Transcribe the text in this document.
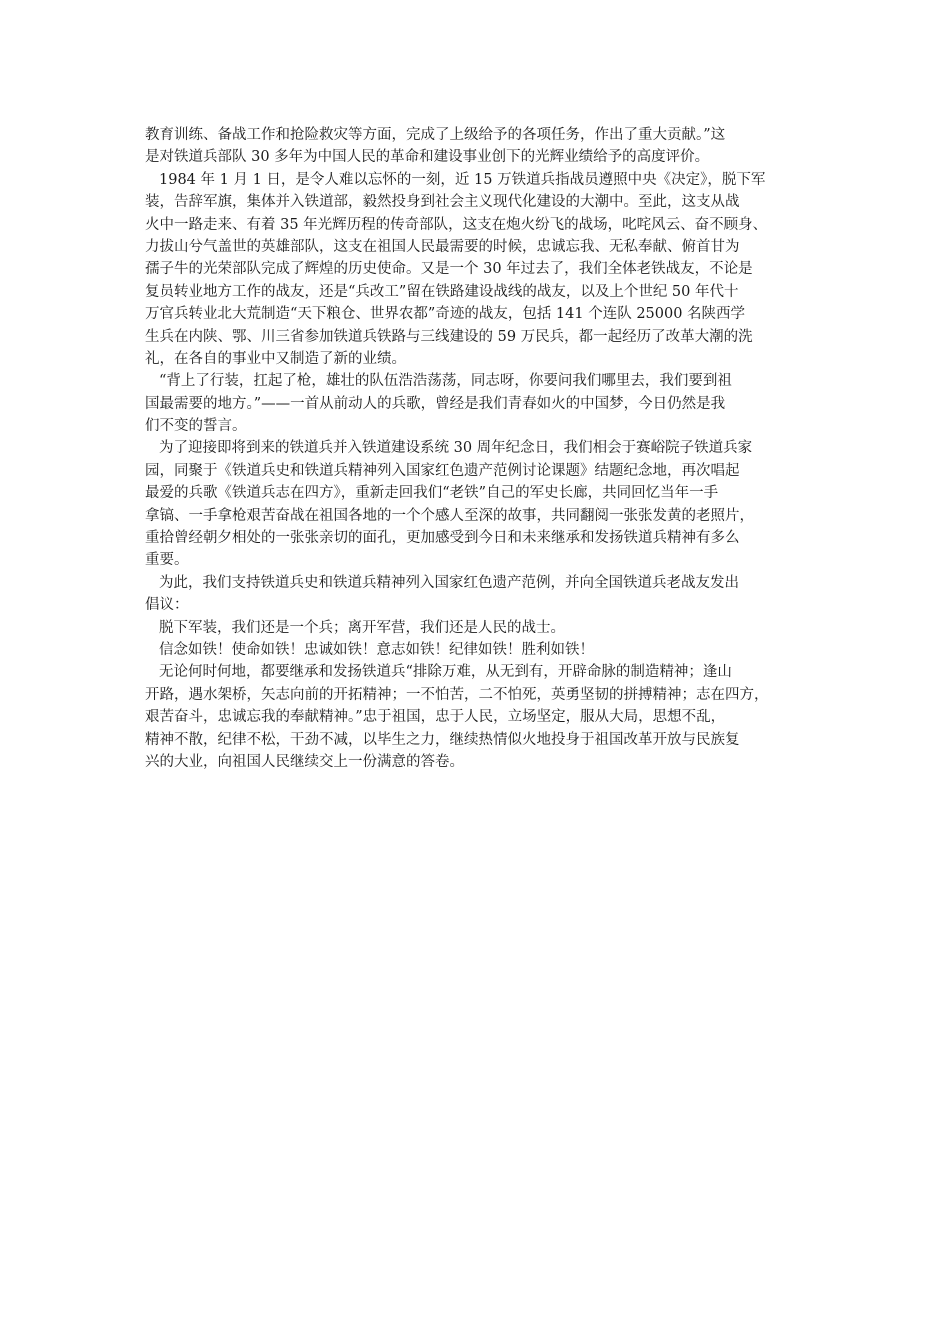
教育训练、备战工作和抢险救灾等方面，完成了上级给予的各项任务，作出了重大贡献。”这
是对铁道兵部队 30 多年为中国人民的革命和建设事业创下的光辉业绩给予的高度评价。
1984 年 1 月 1 日，是令人难以忘怀的一刻，近 15 万铁道兵指战员遵照中央《决定》，脱下军
装，告辞军旗，集体并入铁道部，毅然投身到社会主义现代化建设的大潮中。至此，这支从战
火中一路走来、有着 35 年光辉历程的传奇部队，这支在炮火纷飞的战场，叱咤风云、奋不顾身、
力拔山兮气盖世的英雄部队，这支在祖国人民最需要的时候，忠诚忘我、无私奉献、俯首甘为
孺子牛的光荣部队完成了辉煌的历史使命。又是一个 30 年过去了，我们全体老铁战友，不论是
复员转业地方工作的战友，还是“兵改工”留在铁路建设战线的战友，以及上个世纪 50 年代十
万官兵转业北大荒制造“天下粮仓、世界农都”奇迹的战友，包括 141 个连队 25000 名陕西学
生兵在内陕、鄂、川三省参加铁道兵铁路与三线建设的 59 万民兵，都一起经历了改革大潮的洗
礼，在各自的事业中又制造了新的业绩。
“背上了行装，扛起了枪，雄壮的队伍浩浩荡荡，同志呀，你要问我们哪里去，我们要到祖
国最需要的地方。”——一首从前动人的兵歌，曾经是我们青春如火的中国梦，今日仍然是我
们不变的誓言。
为了迎接即将到来的铁道兵并入铁道建设系统 30 周年纪念日，我们相会于赛峪院子铁道兵家
园，同聚于《铁道兵史和铁道兵精神列入国家红色遗产范例讨论课题》结题纪念地，再次唱起
最爱的兵歌《铁道兵志在四方》，重新走回我们“老铁”自己的军史长廊，共同回忆当年一手
拿镐、一手拿枪艰苦奋战在祖国各地的一个个感人至深的故事，共同翻阅一张张发黄的老照片，
重拾曾经朝夕相处的一张张亲切的面孔，更加感受到今日和未来继承和发扬铁道兵精神有多么
重要。
为此，我们支持铁道兵史和铁道兵精神列入国家红色遗产范例，并向全国铁道兵老战友发出
倡议：
脱下军装，我们还是一个兵；离开军营，我们还是人民的战士。
信念如铁！使命如铁！忠诚如铁！意志如铁！纪律如铁！胜利如铁！
无论何时何地，都要继承和发扬铁道兵“排除万难，从无到有，开辟命脉的制造精神；逢山
开路，遇水架桥，矢志向前的开拓精神；一不怕苦，二不怕死，英勇坚韧的拼搏精神；志在四方，
艰苦奋斗，忠诚忘我的奉献精神。”忠于祖国，忠于人民，立场坚定，服从大局，思想不乱，
精神不散，纪律不松，干劲不减，以毕生之力，继续热情似火地投身于祖国改革开放与民族复
兴的大业，向祖国人民继续交上一份满意的答卷。
